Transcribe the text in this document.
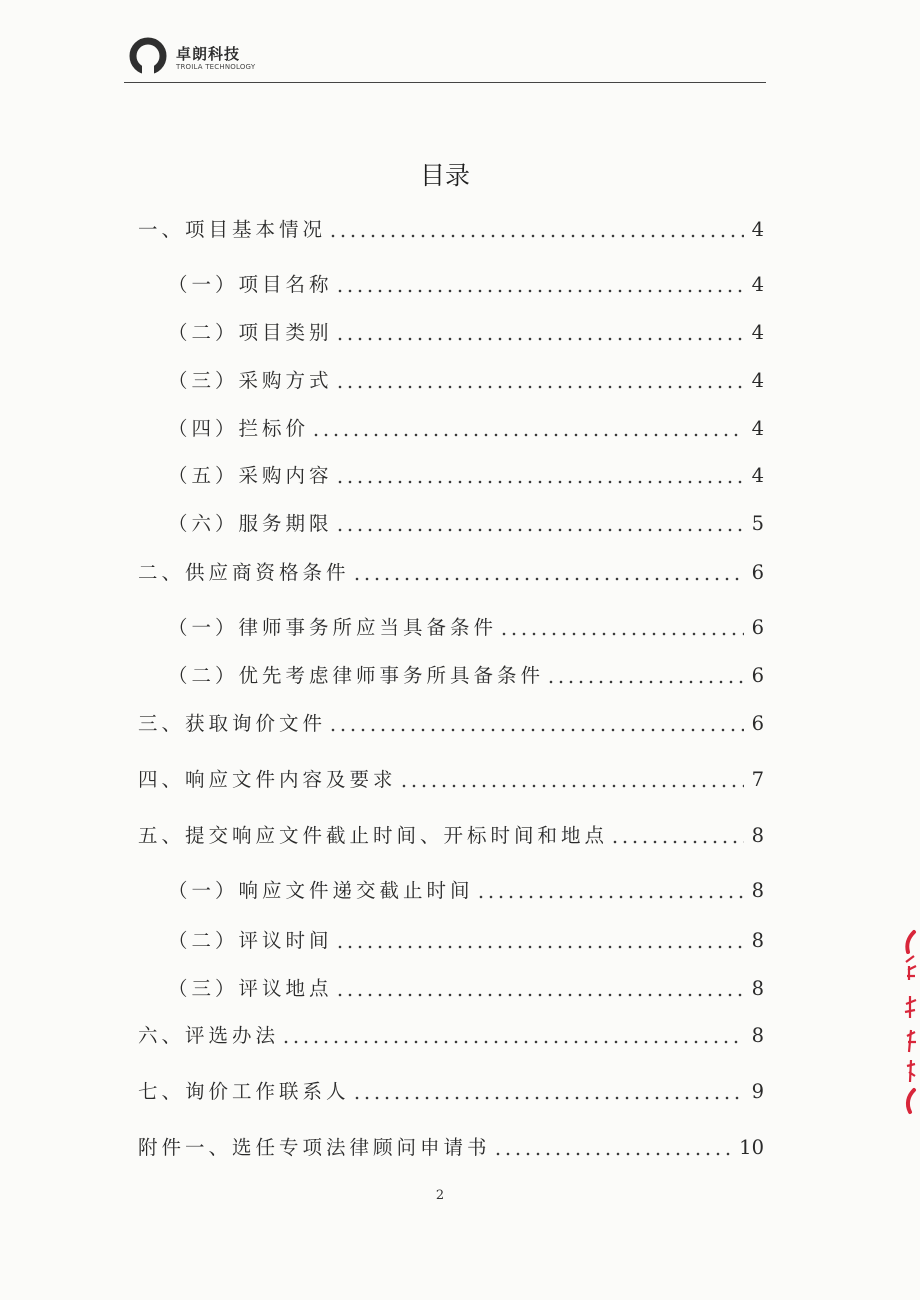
卓朗科技
TROILA TECHNOLOGY
目录
一、项目基本情况	4
（一）项目名称	4
（二）项目类别	4
（三）采购方式	4
（四）拦标价	4
（五）采购内容	4
（六）服务期限	5
二、供应商资格条件	6
（一）律师事务所应当具备条件	6
（二）优先考虑律师事务所具备条件	6
三、获取询价文件	6
四、响应文件内容及要求	7
五、提交响应文件截止时间、开标时间和地点	8
（一）响应文件递交截止时间	8
（二）评议时间	8
（三）评议地点	8
六、评选办法	8
七、询价工作联系人	9
附件一、选任专项法律顾问申请书	10
2
